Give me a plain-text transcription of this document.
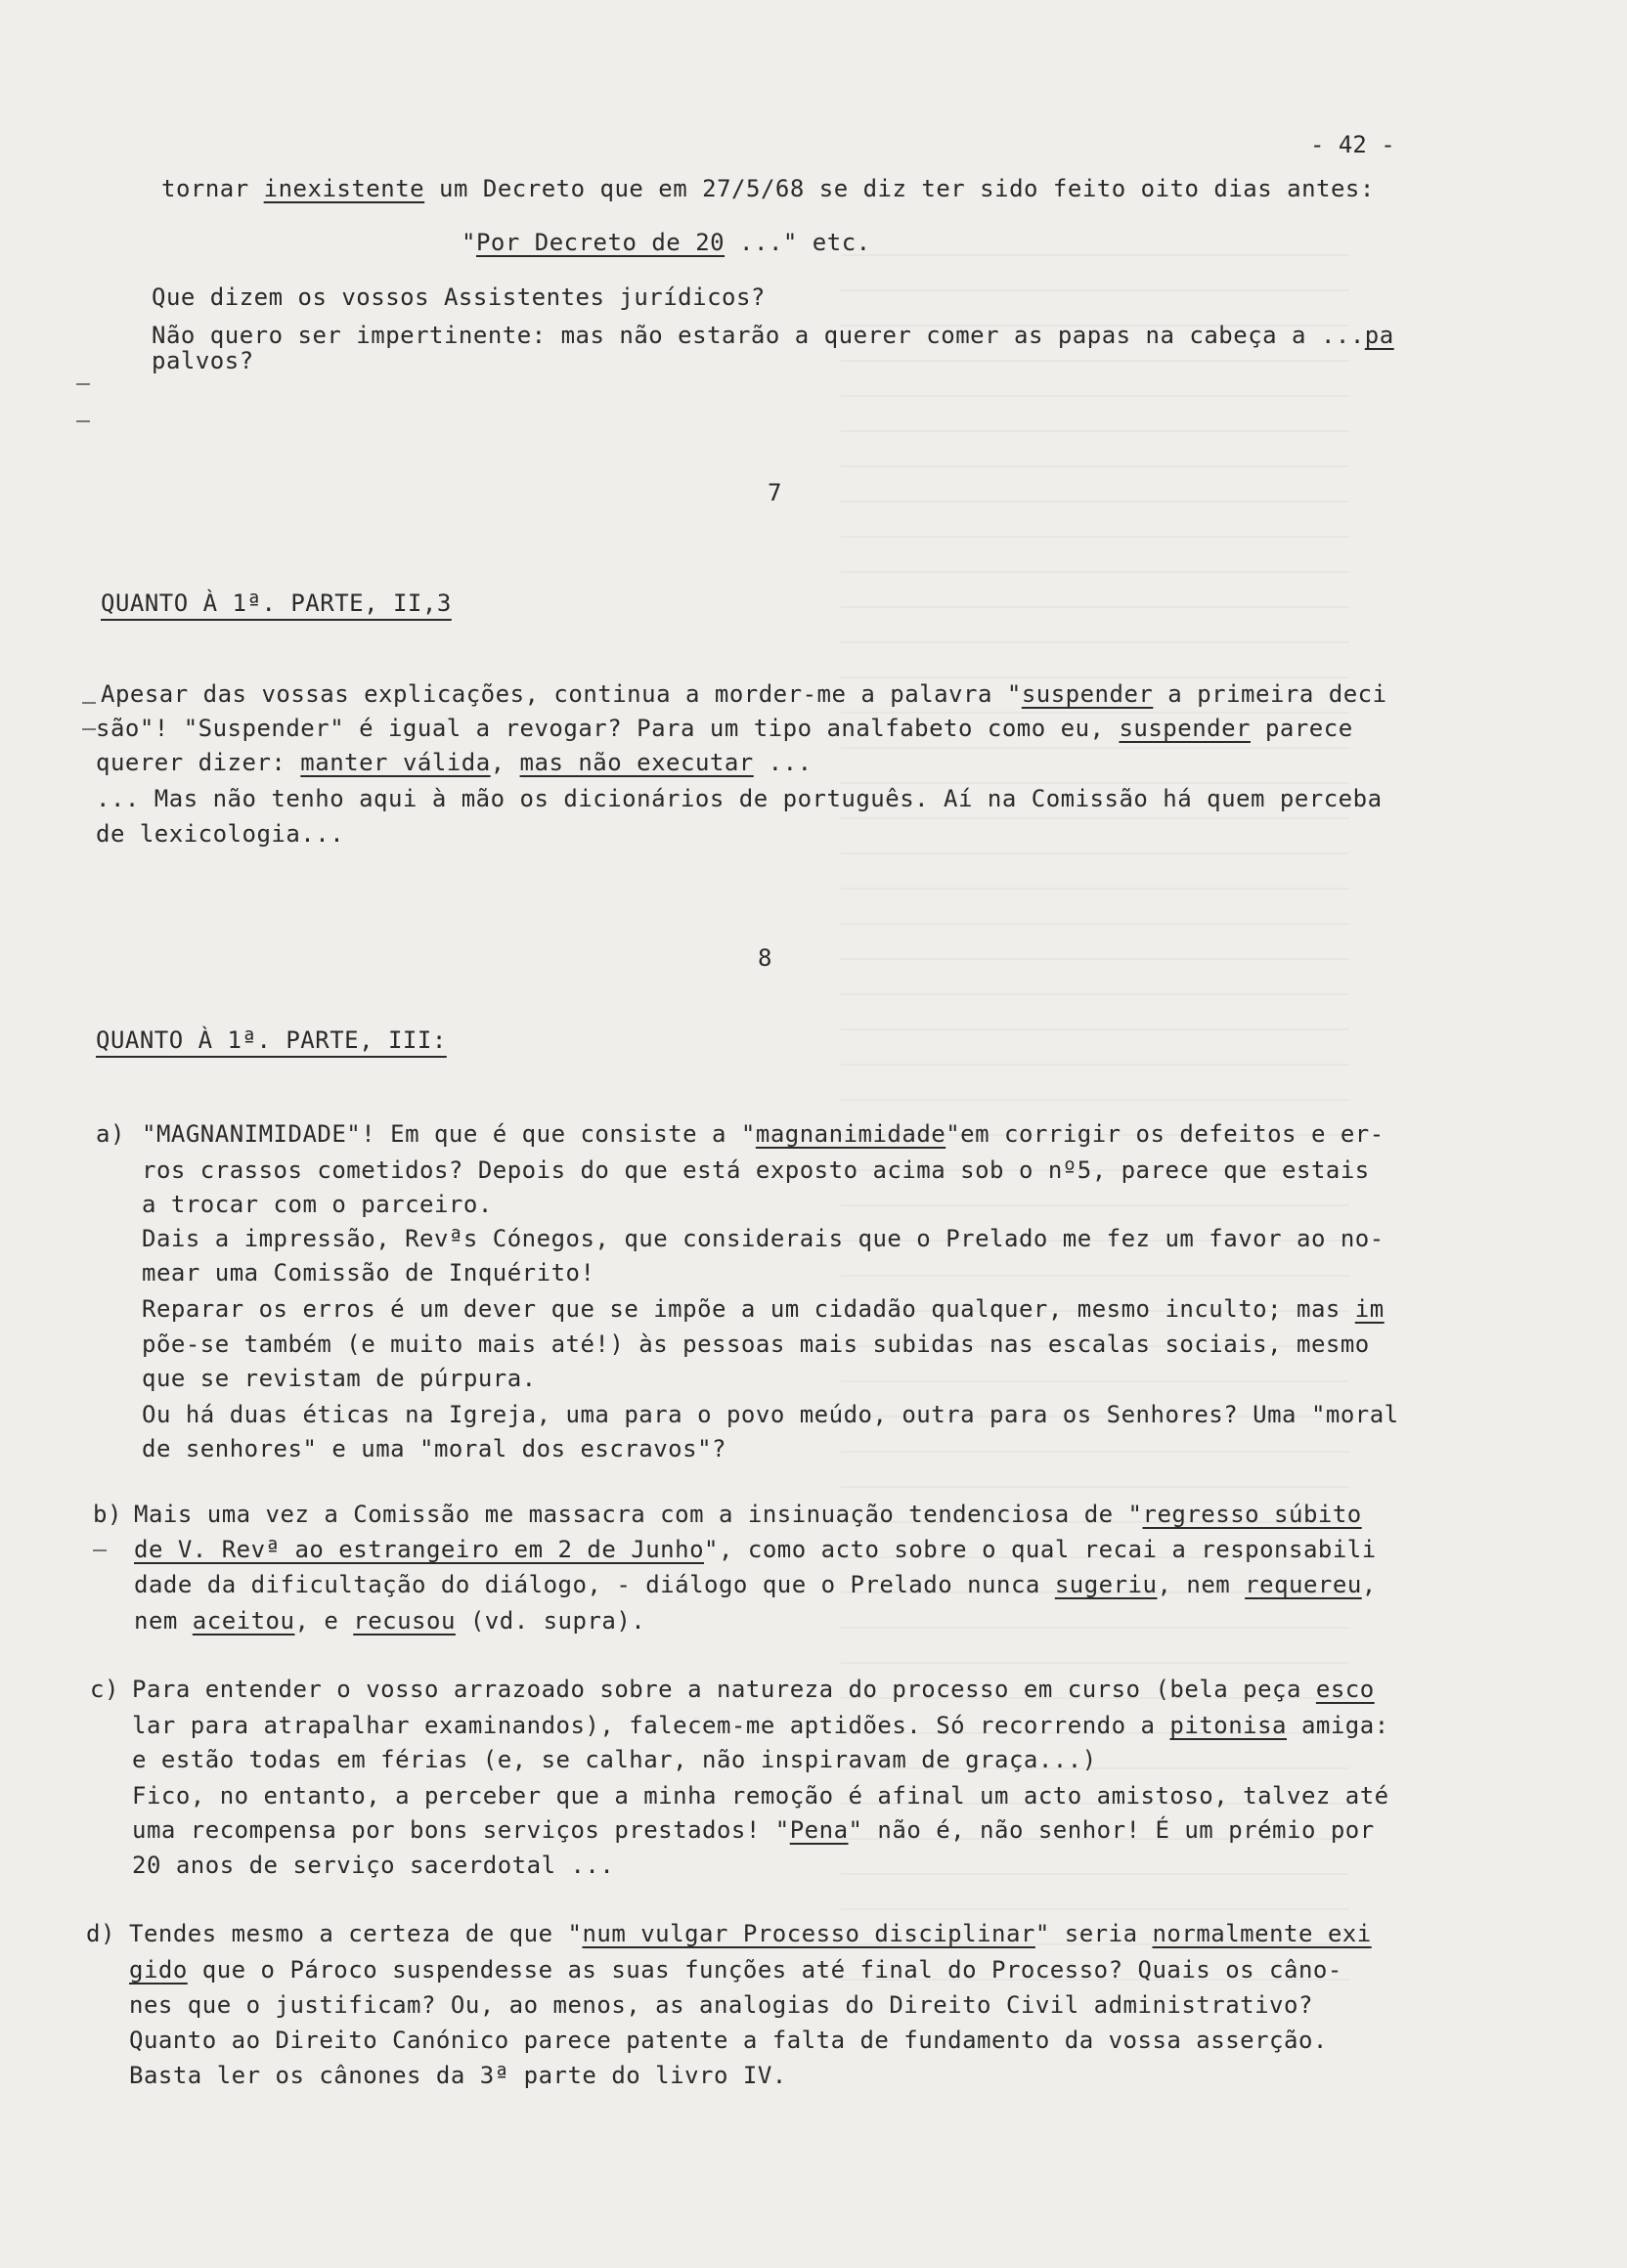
- 42 -
tornar inexistente um Decreto que em 27/5/68 se diz ter sido feito oito dias antes:
"Por Decreto de 20 ..." etc.
Que dizem os vossos Assistentes jurídicos?
Não quero ser impertinente: mas não estarão a querer comer as papas na cabeça a ...pa
palvos?
7
QUANTO À 1ª. PARTE, II,3
Apesar das vossas explicações, continua a morder-me a palavra "suspender a primeira deci
são"! "Suspender" é igual a revogar? Para um tipo analfabeto como eu, suspender parece
querer dizer: manter válida, mas não executar ...
... Mas não tenho aqui à mão os dicionários de português. Aí na Comissão há quem perceba
de lexicologia...
8
QUANTO À 1ª. PARTE, III:
a) "MAGNANIMIDADE"! Em que é que consiste a "magnanimidade"em corrigir os defeitos e er-
ros crassos cometidos? Depois do que está exposto acima sob o nº5, parece que estais
a trocar com o parceiro.
Dais a impressão, Revªs Cónegos, que considerais que o Prelado me fez um favor ao no-
mear uma Comissão de Inquérito!
Reparar os erros é um dever que se impõe a um cidadão qualquer, mesmo inculto; mas im
põe-se também (e muito mais até!) às pessoas mais subidas nas escalas sociais, mesmo
que se revistam de púrpura.
Ou há duas éticas na Igreja, uma para o povo meúdo, outra para os Senhores? Uma "moral
de senhores" e uma "moral dos escravos"?
b) Mais uma vez a Comissão me massacra com a insinuação tendenciosa de "regresso súbito
de V. Revª ao estrangeiro em 2 de Junho", como acto sobre o qual recai a responsabili
dade da dificultação do diálogo, - diálogo que o Prelado nunca sugeriu, nem requereu,
nem aceitou, e recusou (vd. supra).
c) Para entender o vosso arrazoado sobre a natureza do processo em curso (bela peça esco
lar para atrapalhar examinandos), falecem-me aptidões. Só recorrendo a pitonisa amiga:
e estão todas em férias (e, se calhar, não inspiravam de graça...)
Fico, no entanto, a perceber que a minha remoção é afinal um acto amistoso, talvez até
uma recompensa por bons serviços prestados! "Pena" não é, não senhor! É um prémio por
20 anos de serviço sacerdotal ...
d) Tendes mesmo a certeza de que "num vulgar Processo disciplinar" seria normalmente exi
gido que o Pároco suspendesse as suas funções até final do Processo? Quais os câno-
nes que o justificam? Ou, ao menos, as analogias do Direito Civil administrativo?
Quanto ao Direito Canónico parece patente a falta de fundamento da vossa asserção.
Basta ler os cânones da 3ª parte do livro IV.
